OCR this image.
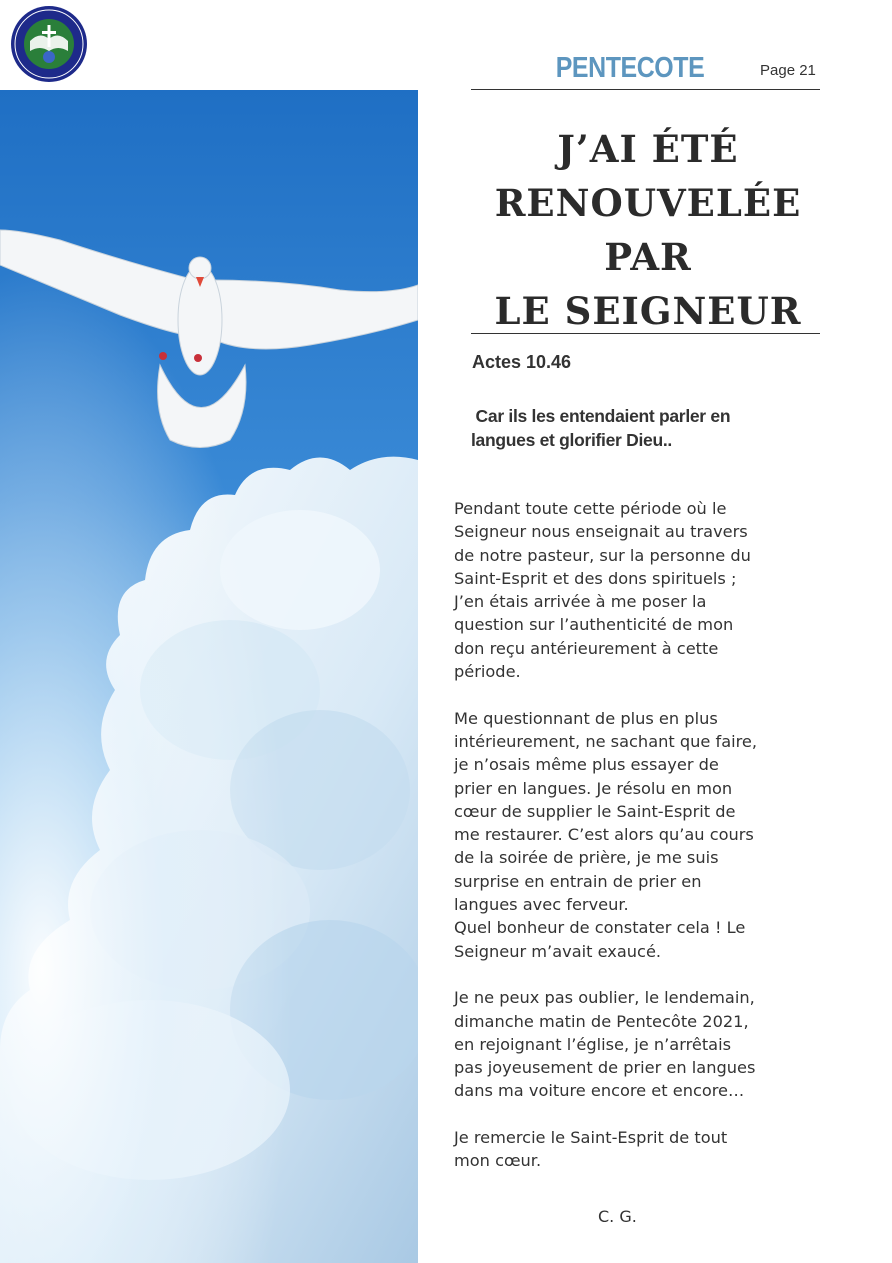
PENTECOTE	Page 21
J’AI ÉTÉ
RENOUVELÉE PAR
LE SEIGNEUR
Actes 10.46
Car ils les entendaient parler en
langues et glorifier Dieu..

Pendant toute cette période où le
Seigneur nous enseignait au travers
de notre pasteur, sur la personne du
Saint-Esprit et des dons spirituels ;
J’en étais arrivée à me poser la
question sur l’authenticité de mon
don reçu antérieurement à cette
période.

Me questionnant de plus en plus
intérieurement, ne sachant que faire,
je n’osais même plus essayer de
prier en langues. Je résolu en mon
cœur de supplier le Saint-Esprit de
me restaurer. C’est alors qu’au cours
de la soirée de prière, je me suis
surprise en entrain de prier en
langues avec ferveur.
Quel bonheur de constater cela ! Le
Seigneur m’avait exaucé.

Je ne peux pas oublier, le lendemain,
dimanche matin de Pentecôte 2021,
en rejoignant l’église, je n’arrêtais
pas joyeusement de prier en langues
dans ma voiture encore et encore…

Je remercie le Saint-Esprit de tout
mon cœur.

C. G.
